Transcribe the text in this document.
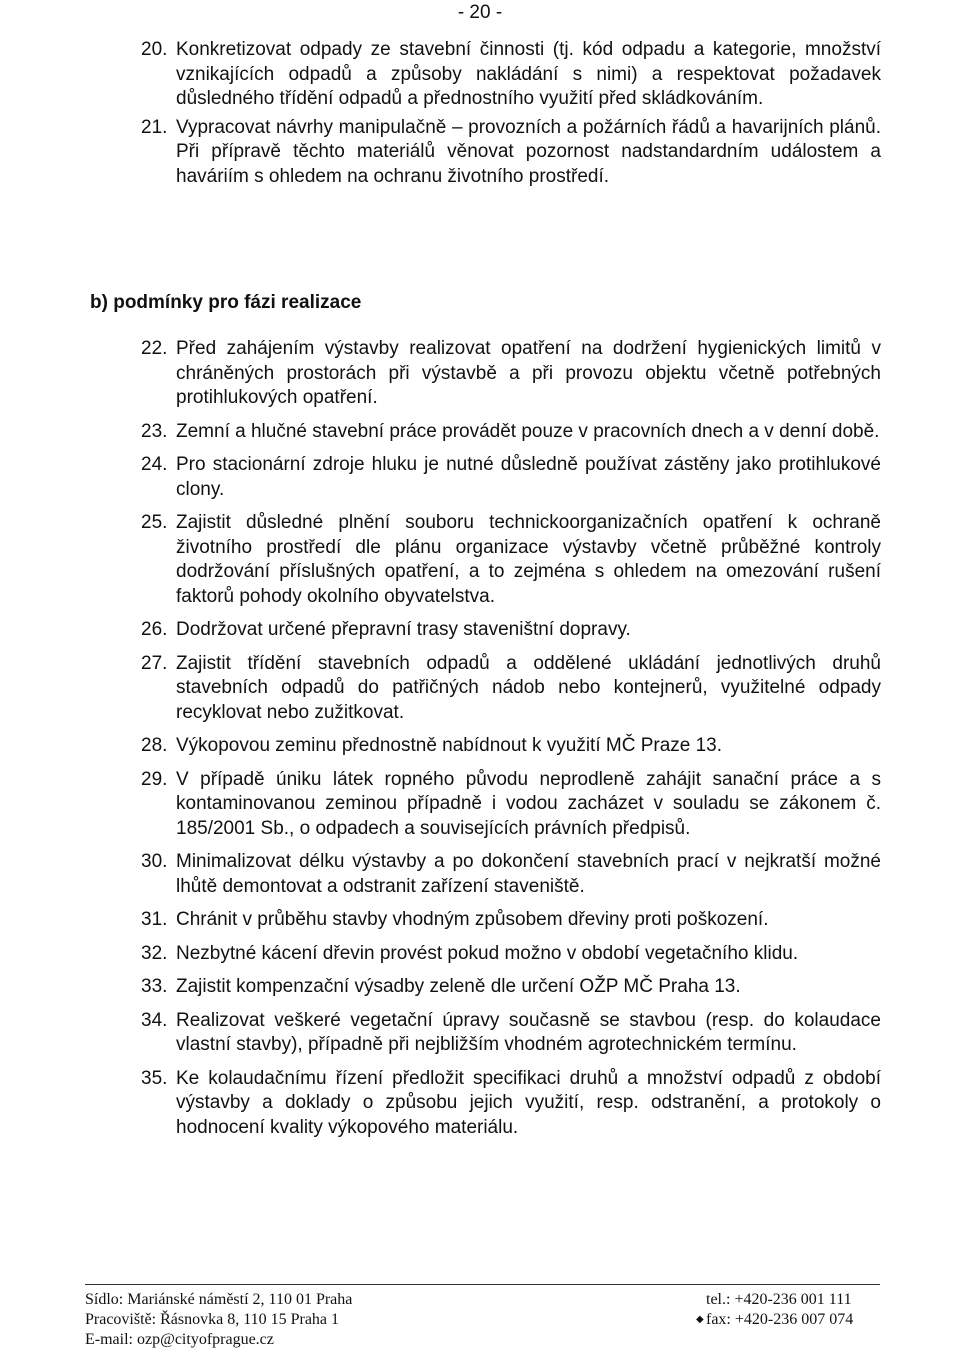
- 20 -
20. Konkretizovat odpady ze stavební činnosti (tj. kód odpadu a kategorie, množství vznikajících odpadů a způsoby nakládání s nimi) a respektovat požadavek důsledného třídění odpadů a přednostního využití před skládkováním.
21. Vypracovat návrhy manipulačně – provozních a požárních řádů a havarijních plánů. Při přípravě těchto materiálů věnovat pozornost nadstandardním událostem a haváriím s ohledem na ochranu životního prostředí.
b) podmínky pro fázi realizace
22. Před zahájením výstavby realizovat opatření na dodržení hygienických limitů v chráněných prostorách při výstavbě a při provozu objektu včetně potřebných protihlukových opatření.
23. Zemní a hlučné stavební práce provádět pouze v pracovních dnech a v denní době.
24. Pro stacionární zdroje hluku je nutné důsledně používat zástěny jako protihlukové clony.
25. Zajistit důsledné plnění souboru technickoorganizačních opatření k ochraně životního prostředí dle plánu organizace výstavby včetně průběžné kontroly dodržování příslušných opatření, a to zejména s ohledem na omezování rušení faktorů pohody okolního obyvatelstva.
26. Dodržovat určené přepravní trasy staveništní dopravy.
27. Zajistit třídění stavebních odpadů a oddělené ukládání jednotlivých druhů stavebních odpadů do patřičných nádob nebo kontejnerů, využitelné odpady recyklovat nebo zužitkovat.
28. Výkopovou zeminu přednostně nabídnout k využití MČ Praze 13.
29. V případě úniku látek ropného původu neprodleně zahájit sanační práce a s kontaminovanou zeminou případně i vodou zacházet v souladu se zákonem č. 185/2001 Sb., o odpadech a souvisejících právních předpisů.
30. Minimalizovat délku výstavby a po dokončení stavebních prací v nejkratší možné lhůtě demontovat a odstranit zařízení staveniště.
31. Chránit v průběhu stavby vhodným způsobem dřeviny proti poškození.
32. Nezbytné kácení dřevin provést pokud možno v období vegetačního klidu.
33. Zajistit kompenzační výsadby zeleně dle určení OŽP MČ Praha 13.
34. Realizovat veškeré vegetační úpravy současně se stavbou (resp. do kolaudace vlastní stavby), případně při nejbližším vhodném agrotechnickém termínu.
35. Ke kolaudačnímu řízení předložit specifikaci druhů a množství odpadů z období výstavby a doklady o způsobu jejich využití, resp. odstranění, a protokoly o hodnocení kvality výkopového materiálu.
Sídlo: Mariánské náměstí 2, 110 01 Praha
Pracoviště: Řásnovka 8, 110 15 Praha 1
E-mail: ozp@cityofprague.cz
tel.: +420-236 001 111
fax: +420-236 007 074
◆
